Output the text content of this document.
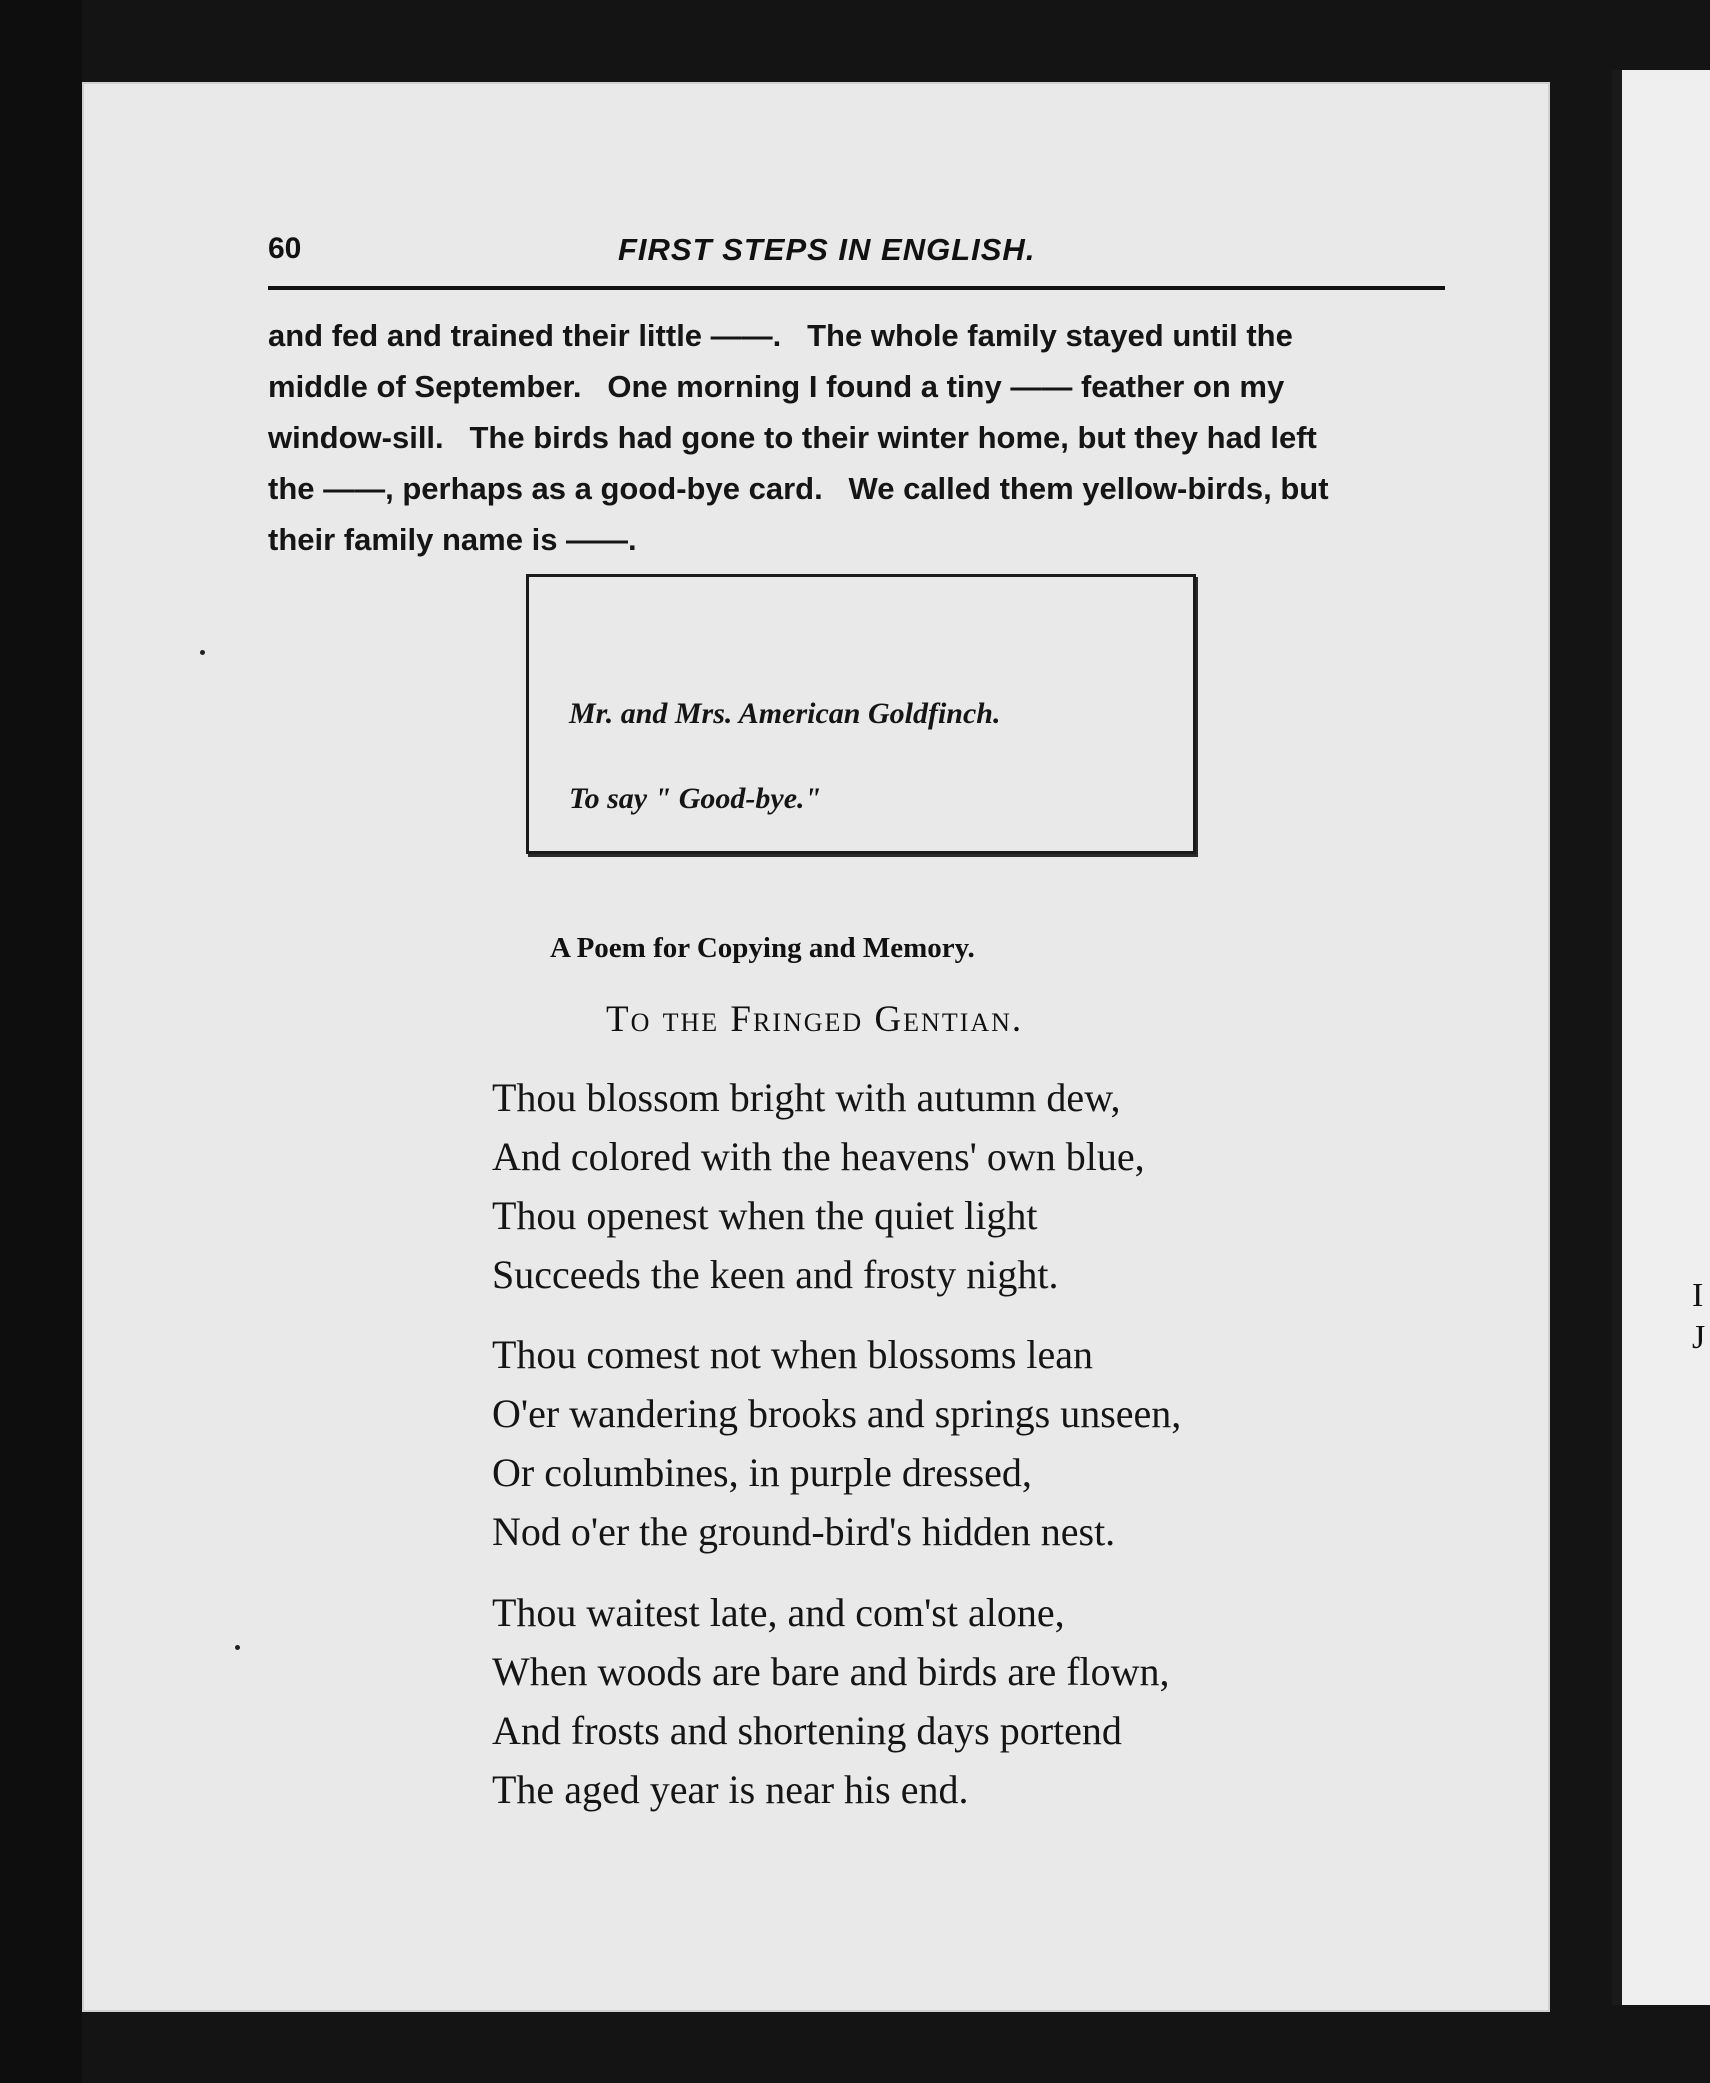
I
J
60	FIRST STEPS IN ENGLISH.
and fed and trained their little ——.   The whole family stayed until the
middle of September.   One morning I found a tiny —— feather on my
window-sill.   The birds had gone to their winter home, but they had left
the ——, perhaps as a good-bye card.   We called them yellow-birds, but
their family name is ——.
Mr. and Mrs. American Goldfinch.
To say " Good-bye."
A Poem for Copying and Memory.
To the Fringed Gentian.
Thou blossom bright with autumn dew,
And colored with the heavens' own blue,
Thou openest when the quiet light
Succeeds the keen and frosty night.
Thou comest not when blossoms lean
O'er wandering brooks and springs unseen,
Or columbines, in purple dressed,
Nod o'er the ground-bird's hidden nest.
Thou waitest late, and com'st alone,
When woods are bare and birds are flown,
And frosts and shortening days portend
The aged year is near his end.
